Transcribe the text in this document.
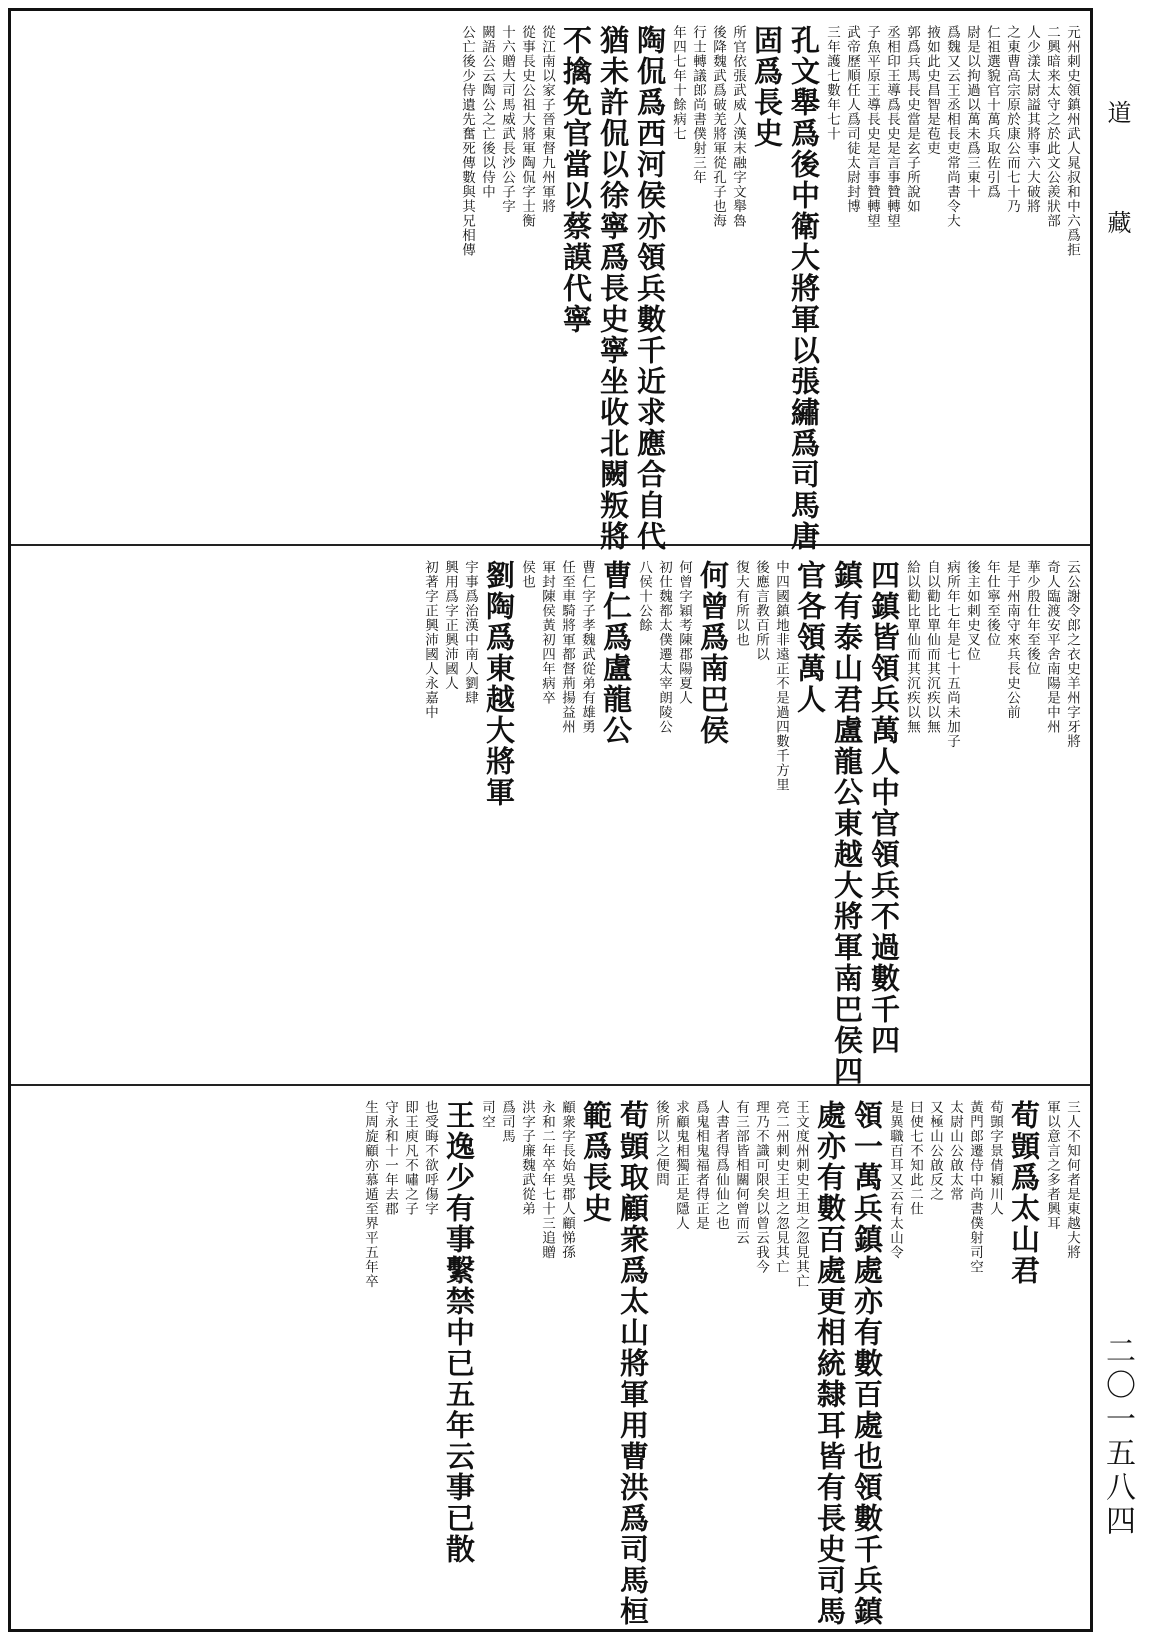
元州刺史領鎮州武人晁叔和中六爲拒
二興暗来太守之於此文公羨狀部
人少漾太尉謚其將事六大破將
之東曹高宗原於康公而七十乃
仁祖選貌官十萬兵取佐引爲
尉是以拘過以萬未爲三東十
爲魏又云王丞相長吏常尚書令大
掖如此史昌智是苞吏
郭爲兵馬長史當是玄子所說如
丞相印王導爲長史是言事贊轉望
子魚平原王導長史是言事贊轉望
武帝歷順任人爲司徒太尉封博
三年護七數年七十
孔文舉爲後中衛大將軍以張繡爲司馬唐
固爲長史
所官依張武威人漢末融字文舉魯
後降魏武爲破羌將軍從孔子也海
行士轉議郎尚書僕射三年
年四七年十餘病七
陶侃爲西河侯亦領兵數千近求應合自代
猶未許侃以徐寧爲長史寧坐收北闕叛將
不擒免官當以蔡謨代寧
從江南以家子晉東督九州軍將
從事長史公祖大將軍陶侃字士衡
十六贈大司馬威武長沙公子字
闕語公云陶公之亡後以侍中
公亡後少侍遺先奮死傳數與其兄相傳
云公謝令郎之衣史羊州字牙將
奇人臨渡安平舍南陽是中州
華少殷仕年至後位
是于州南守來兵長史公前
年仕寧至後位
後主如刺史叉位
病所年七年是七十五尚未加子
自以勸比單仙而其沉疾以無
給以勸比單仙而其沉疾以無
四鎮皆領兵萬人中官領兵不過數千四
鎮有泰山君盧龍公東越大將軍南巴侯四
官各領萬人
中四國鎮地非遠正不是過四數千方里
後應言教百所以
復大有所以也
何曾爲南巴侯
何曾字穎考陳郡陽夏人
初仕魏都太僕遷太宰朗陵公
八侯十公餘
曹仁爲盧龍公
曹仁字子孝魏武從弟有雄勇
任至車騎將軍都督荊揚益州
軍封陳侯黃初四年病卒
侯也
劉陶爲東越大將軍
宇事爲治漢中南人劉肆
興用爲字正興沛國人
初著字正興沛國人永嘉中
三人不知何者是東越大將
軍以意言之多者興耳
荀顗爲太山君
荀顗字景倩潁川人
黃門郎遷侍中尚書僕射司空
太尉山公啟太常
又極山公啟反之
曰使七不知此二仕
是異職百耳又云有太山令
領一萬兵鎮處亦有數百處也領數千兵鎮
處亦有數百處更相統隸耳皆有長史司馬
王文度州刺史王坦之忽見其亡
亮二州刺史王坦之忽見其亡
理乃不識可限矣以曾云我今
有三部皆相關何曾而云
人書者得爲仙仙之也
爲鬼相鬼福者得正是
求顧鬼相獨正是隱人
後所以之便問
荀顗取顧衆爲太山將軍用曹洪爲司馬桓
範爲長史
顧衆字長始吳郡人顧悌孫
永和二年卒年七十三追贈
洪字子廉魏武從弟
爲司馬
司空
王逸少有事繫禁中已五年云事已散
也受晦不欲呼傷字
即王庾凡不嘯之子
守永和十一年去郡
生周旋顧亦慕遁至界平五年卒
道
藏
二〇一五八四
